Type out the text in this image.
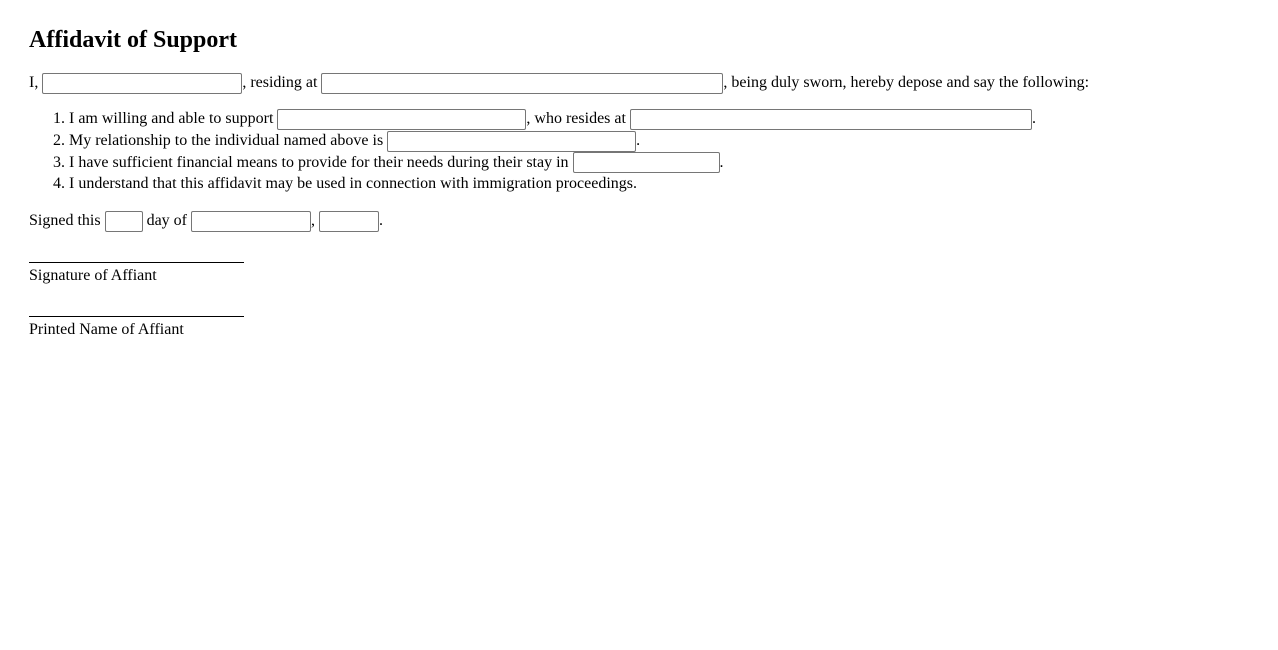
Affidavit of Support

I,	, residing at	, being duly sworn, hereby depose and say the following:

1. I am willing and able to support	, who resides at	.
2. My relationship to the individual named above is	.
3. I have sufficient financial means to provide for their needs during their stay in	.
4. I understand that this affidavit may be used in connection with immigration proceedings.

Signed this  day of	,	.

Signature of Affiant
Printed Name of Affiant
